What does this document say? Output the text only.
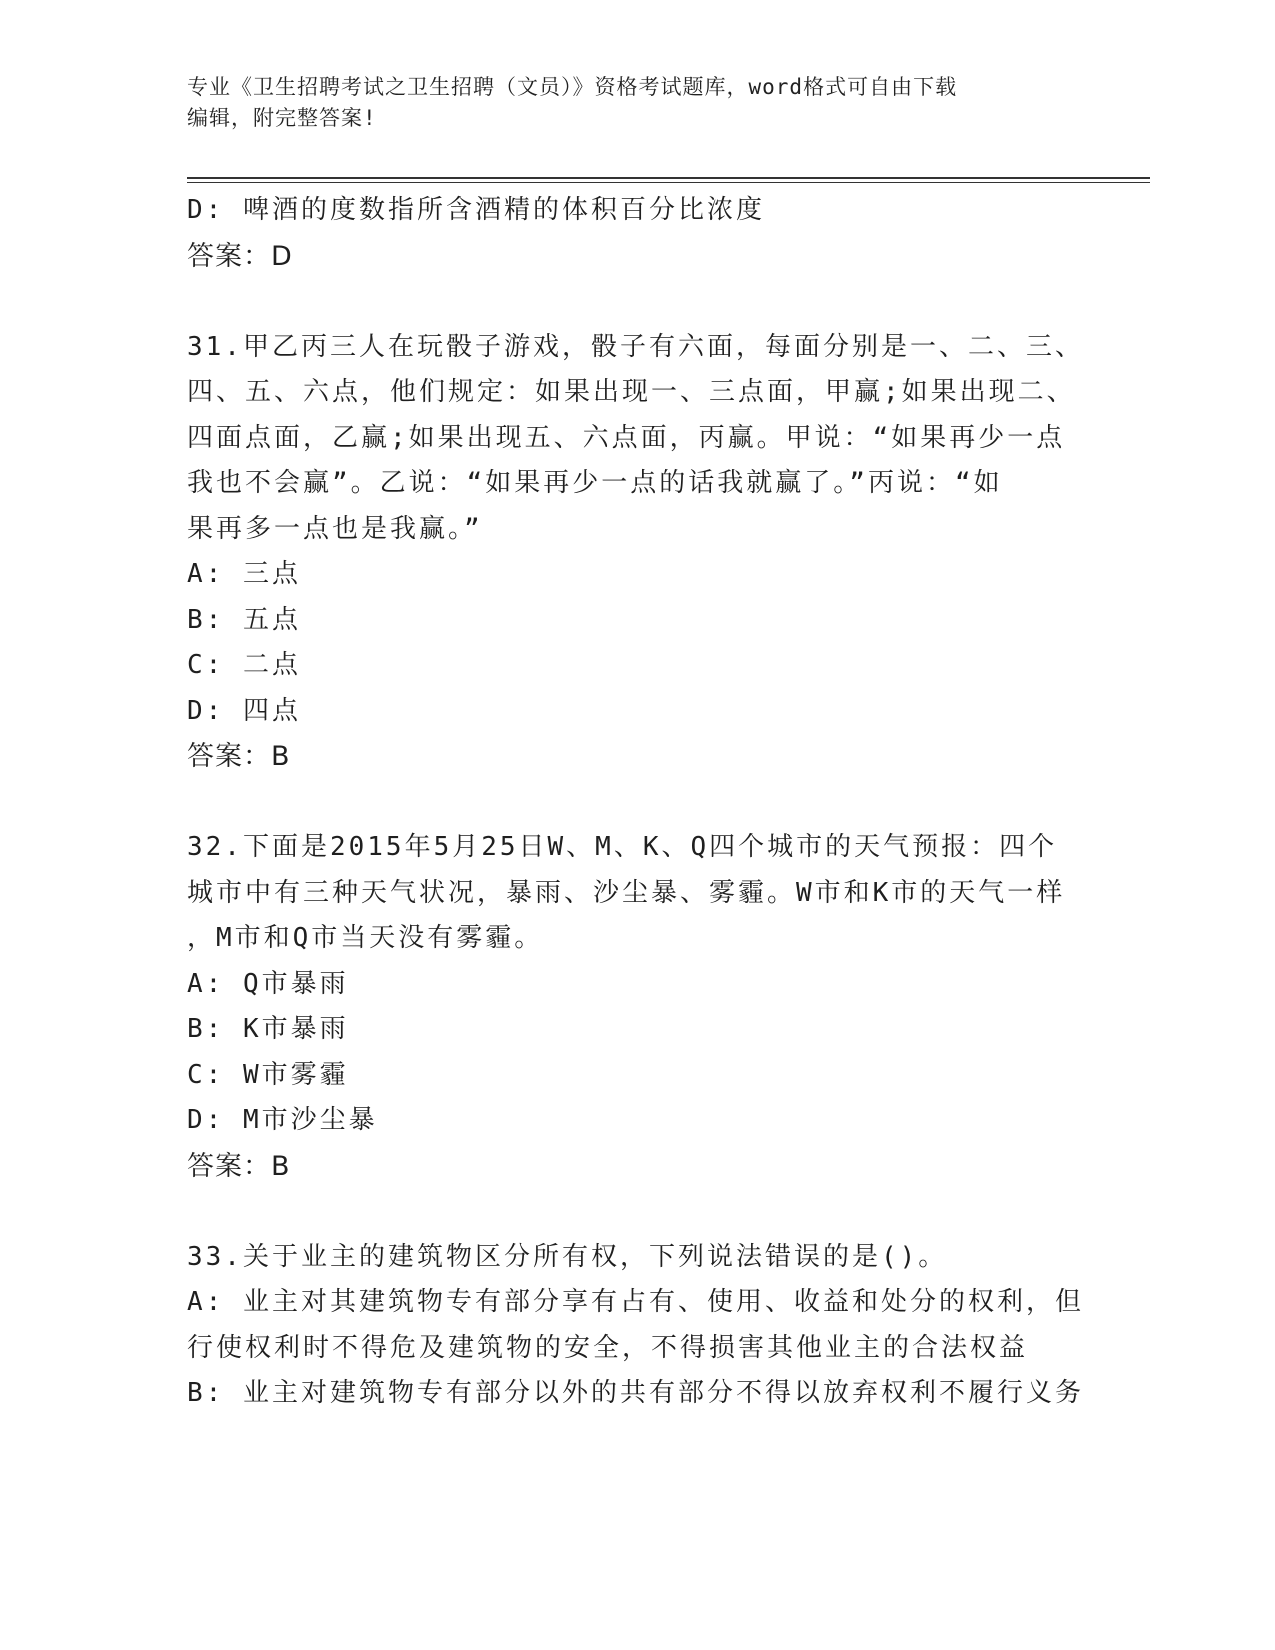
专业《卫生招聘考试之卫生招聘（文员）》资格考试题库，word格式可自由下载
编辑，附完整答案!
D: 啤酒的度数指所含酒精的体积百分比浓度
答案：D
31.甲乙丙三人在玩骰子游戏，骰子有六面，每面分别是一、二、三、
四、五、六点，他们规定：如果出现一、三点面，甲赢;如果出现二、
四面点面，乙赢;如果出现五、六点面，丙赢。甲说：“如果再少一点
我也不会赢”。乙说：“如果再少一点的话我就赢了。”丙说：“如
果再多一点也是我赢。”
A: 三点
B: 五点
C: 二点
D: 四点
答案：B
32.下面是2015年5月25日W、M、K、Q四个城市的天气预报：四个
城市中有三种天气状况，暴雨、沙尘暴、雾霾。W市和K市的天气一样
，M市和Q市当天没有雾霾。
A: Q市暴雨
B: K市暴雨
C: W市雾霾
D: M市沙尘暴
答案：B
33.关于业主的建筑物区分所有权，下列说法错误的是()。
A: 业主对其建筑物专有部分享有占有、使用、收益和处分的权利，但
行使权利时不得危及建筑物的安全，不得损害其他业主的合法权益
B: 业主对建筑物专有部分以外的共有部分不得以放弃权利不履行义务
